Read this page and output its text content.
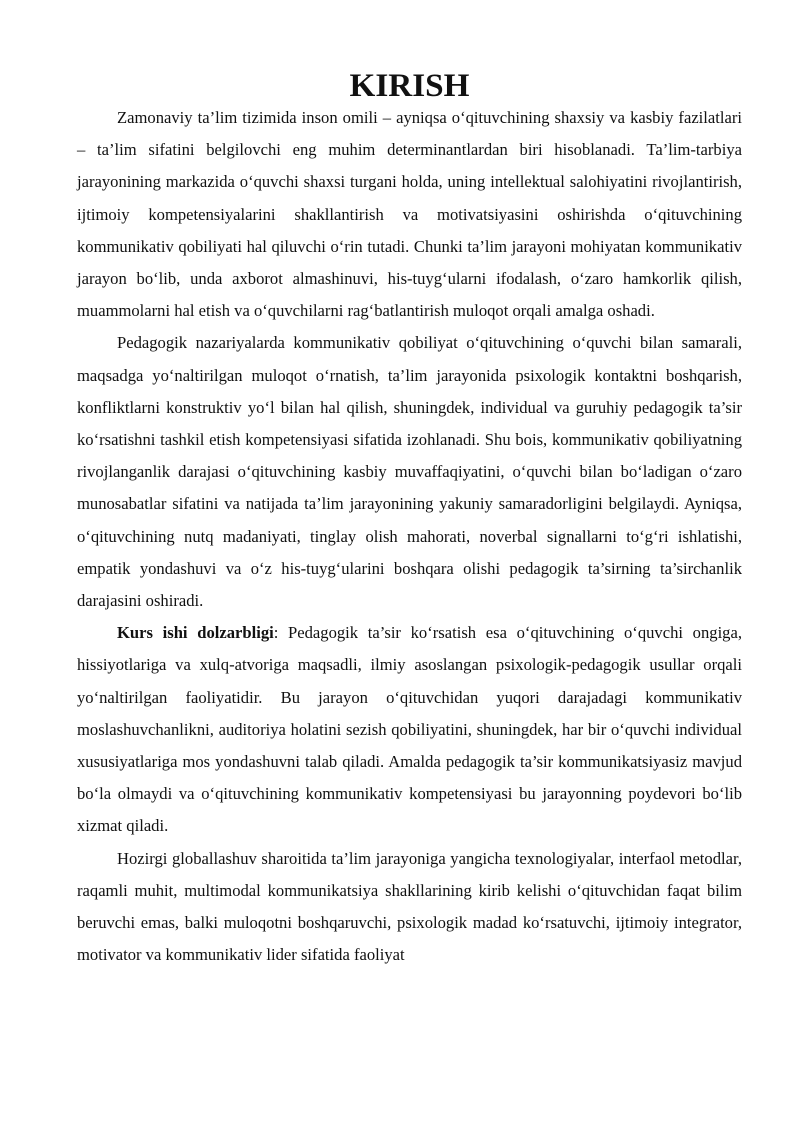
KIRISH

Zamonaviy ta’lim tizimida inson omili – ayniqsa o‘qituvchining shaxsiy va kasbiy fazilatlari – ta’lim sifatini belgilovchi eng muhim determinantlardan biri hisoblanadi. Ta’lim-tarbiya jarayonining markazida o‘quvchi shaxsi turgani holda, uning intellektual salohiyatini rivojlantirish, ijtimoiy kompetensiyalarini shakllantirish va motivatsiyasini oshirishda o‘qituvchining kommunikativ qobiliyati hal qiluvchi o‘rin tutadi. Chunki ta’lim jarayoni mohiyatan kommunikativ jarayon bo‘lib, unda axborot almashinuvi, his-tuyg‘ularni ifodalash, o‘zaro hamkorlik qilish, muammolarni hal etish va o‘quvchilarni rag‘batlantirish muloqot orqali amalga oshadi.

Pedagogik nazariyalarda kommunikativ qobiliyat o‘qituvchining o‘quvchi bilan samarali, maqsadga yo‘naltirilgan muloqot o‘rnatish, ta’lim jarayonida psixologik kontaktni boshqarish, konfliktlarni konstruktiv yo‘l bilan hal qilish, shuningdek, individual va guruhiy pedagogik ta’sir ko‘rsatishni tashkil etish kompetensiyasi sifatida izohlanadi. Shu bois, kommunikativ qobiliyatning rivojlanganlik darajasi o‘qituvchining kasbiy muvaffaqiyatini, o‘quvchi bilan bo‘ladigan o‘zaro munosabatlar sifatini va natijada ta’lim jarayonining yakuniy samaradorligini belgilaydi. Ayniqsa, o‘qituvchining nutq madaniyati, tinglay olish mahorati, noverbal signallarni to‘g‘ri ishlatishi, empatik yondashuvi va o‘z his-tuyg‘ularini boshqara olishi pedagogik ta’sirning ta’sirchanlik darajasini oshiradi.

Kurs ishi dolzarbligi: Pedagogik ta’sir ko‘rsatish esa o‘qituvchining o‘quvchi ongiga, hissiyotlariga va xulq-atvoriga maqsadli, ilmiy asoslangan psixologik-pedagogik usullar orqali yo‘naltirilgan faoliyatidir. Bu jarayon o‘qituvchidan yuqori darajadagi kommunikativ moslashuvchanlikni, auditoriya holatini sezish qobiliyatini, shuningdek, har bir o‘quvchi individual xususiyatlariga mos yondashuvni talab qiladi. Amalda pedagogik ta’sir kommunikatsiyasiz mavjud bo‘la olmaydi va o‘qituvchining kommunikativ kompetensiyasi bu jarayonning poydevori bo‘lib xizmat qiladi.

Hozirgi globallashuv sharoitida ta’lim jarayoniga yangicha texnologiyalar, interfaol metodlar, raqamli muhit, multimodal kommunikatsiya shakllarining kirib kelishi o‘qituvchidan faqat bilim beruvchi emas, balki muloqotni boshqaruvchi, psixologik madad ko‘rsatuvchi, ijtimoiy integrator, motivator va kommunikativ lider sifatida faoliyat
